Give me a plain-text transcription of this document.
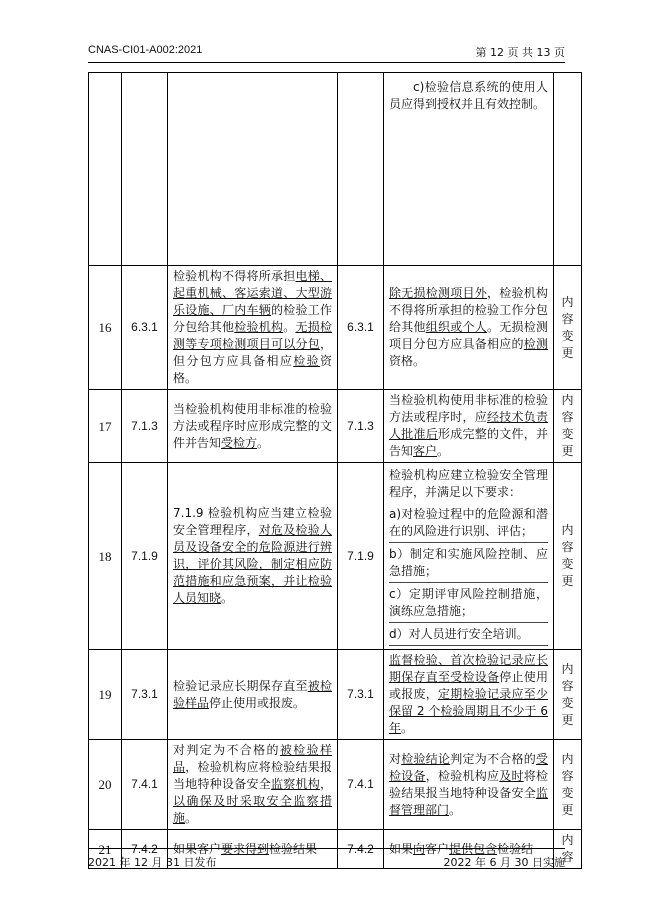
CNAS-CI01-A002:2021	第 12 页 共 13 页
				c)检验信息系统的使用人员应得到授权并且有效控制。	
16	6.3.1	检验机构不得将所承担电梯、起重机械、客运索道、大型游乐设施、厂内车辆的检验工作分包给其他检验机构。无损检测等专项检测项目可以分包，但分包方应具备相应检验资格。	6.3.1	除无损检测项目外，检验机构不得将所承担的检验工作分包给其他组织或个人。无损检测项目分包方应具备相应的检测资格。	内容变更
17	7.1.3	当检验机构使用非标准的检验方法或程序时应形成完整的文件并告知受检方。	7.1.3	当检验机构使用非标准的检验方法或程序时，应经技术负责人批准后形成完整的文件，并告知客户。	内容变更
18	7.1.9	7.1.9 检验机构应当建立检验安全管理程序，对危及检验人员及设备安全的危险源进行辨识，评价其风险，制定相应防范措施和应急预案，并让检验人员知晓。	7.1.9	检验机构应建立检验安全管理程序，并满足以下要求：
a)对检验过程中的危险源和潜在的风险进行识别、评估；
b）制定和实施风险控制、应急措施；
c）定期评审风险控制措施，演练应急措施；
d）对人员进行安全培训。	内容变更
19	7.3.1	检验记录应长期保存直至被检验样品停止使用或报废。	7.3.1	监督检验、首次检验记录应长期保存直至受检设备停止使用或报废，定期检验记录应至少保留 2 个检验周期且不少于 6 年。	内容变更
20	7.4.1	对判定为不合格的被检验样品，检验机构应将检验结果报当地特种设备安全监察机构，以确保及时采取安全监察措施。	7.4.1	对检验结论判定为不合格的受检设备，检验机构应及时将检验结果报当地特种设备安全监督管理部门。	内容变更
21	7.4.2	如果客户要求得到检验结果	7.4.2	如果向客户提供包含检验结	内容
2021 年 12 月 31 日发布	2022 年 6 月 30 日实施
